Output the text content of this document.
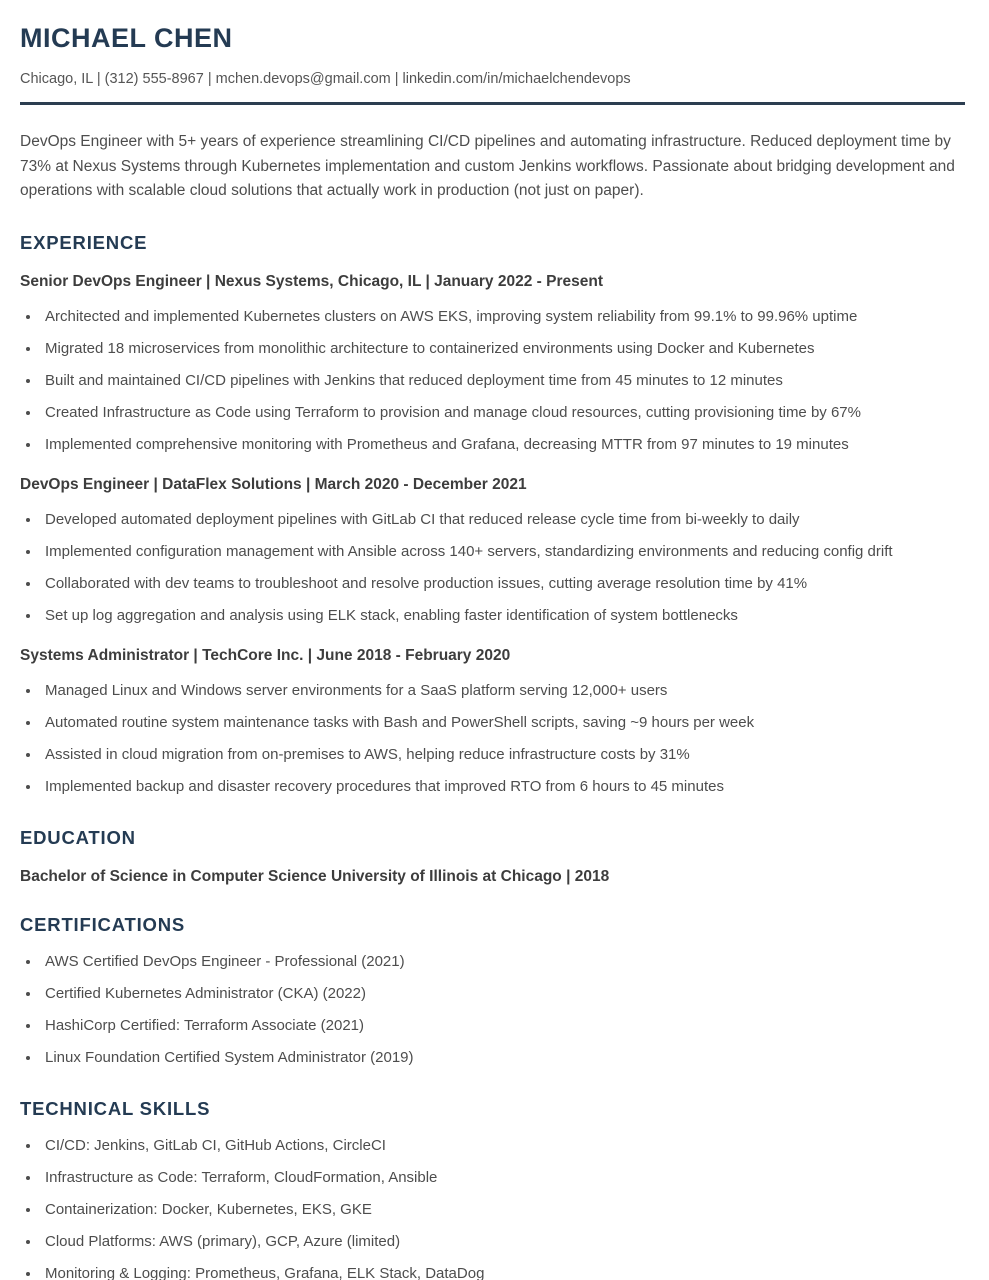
MICHAEL CHEN

Chicago, IL | (312) 555-8967 | mchen.devops@gmail.com | linkedin.com/in/michaelchendevops

DevOps Engineer with 5+ years of experience streamlining CI/CD pipelines and automating infrastructure. Reduced deployment time by 73% at Nexus Systems through Kubernetes implementation and custom Jenkins workflows. Passionate about bridging development and operations with scalable cloud solutions that actually work in production (not just on paper).

EXPERIENCE
Senior DevOps Engineer | Nexus Systems, Chicago, IL | January 2022 - Present
• Architected and implemented Kubernetes clusters on AWS EKS, improving system reliability from 99.1% to 99.96% uptime
• Migrated 18 microservices from monolithic architecture to containerized environments using Docker and Kubernetes
• Built and maintained CI/CD pipelines with Jenkins that reduced deployment time from 45 minutes to 12 minutes
• Created Infrastructure as Code using Terraform to provision and manage cloud resources, cutting provisioning time by 67%
• Implemented comprehensive monitoring with Prometheus and Grafana, decreasing MTTR from 97 minutes to 19 minutes
DevOps Engineer | DataFlex Solutions | March 2020 - December 2021
• Developed automated deployment pipelines with GitLab CI that reduced release cycle time from bi-weekly to daily
• Implemented configuration management with Ansible across 140+ servers, standardizing environments and reducing config drift
• Collaborated with dev teams to troubleshoot and resolve production issues, cutting average resolution time by 41%
• Set up log aggregation and analysis using ELK stack, enabling faster identification of system bottlenecks
Systems Administrator | TechCore Inc. | June 2018 - February 2020
• Managed Linux and Windows server environments for a SaaS platform serving 12,000+ users
• Automated routine system maintenance tasks with Bash and PowerShell scripts, saving ~9 hours per week
• Assisted in cloud migration from on-premises to AWS, helping reduce infrastructure costs by 31%
• Implemented backup and disaster recovery procedures that improved RTO from 6 hours to 45 minutes
EDUCATION

Bachelor of Science in Computer Science University of Illinois at Chicago | 2018

CERTIFICATIONS
• AWS Certified DevOps Engineer - Professional (2021)
• Certified Kubernetes Administrator (CKA) (2022)
• HashiCorp Certified: Terraform Associate (2021)
• Linux Foundation Certified System Administrator (2019)
TECHNICAL SKILLS
• CI/CD: Jenkins, GitLab CI, GitHub Actions, CircleCI
• Infrastructure as Code: Terraform, CloudFormation, Ansible
• Containerization: Docker, Kubernetes, EKS, GKE
• Cloud Platforms: AWS (primary), GCP, Azure (limited)
• Monitoring & Logging: Prometheus, Grafana, ELK Stack, DataDog
